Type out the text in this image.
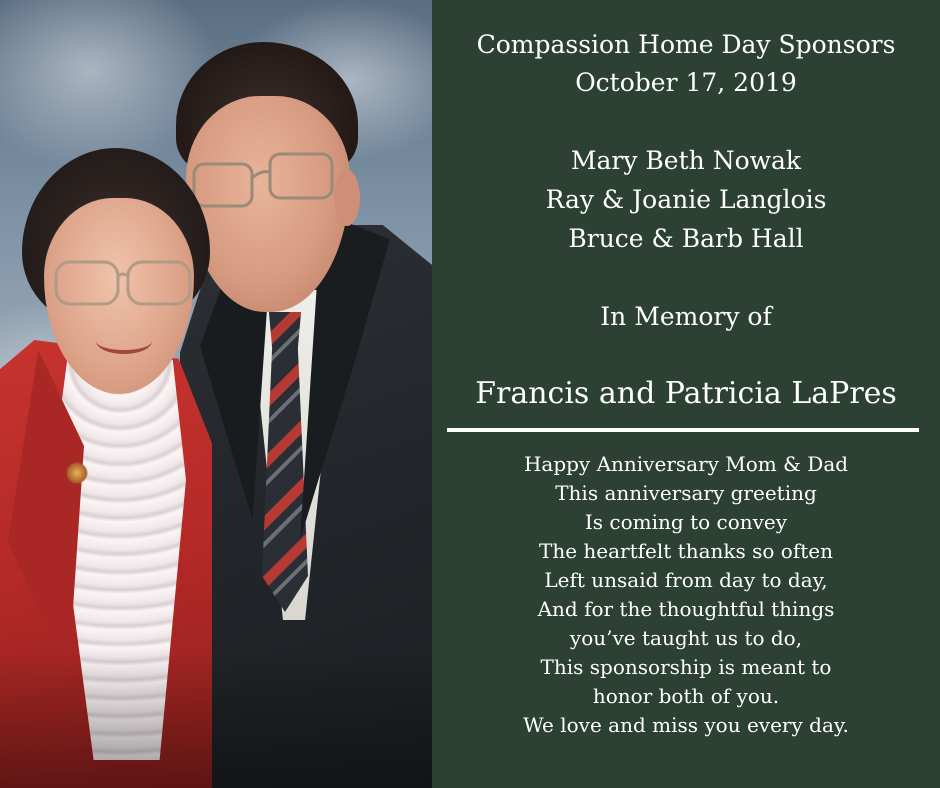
Compassion Home Day Sponsors
October 17, 2019
Mary Beth Nowak
Ray & Joanie Langlois
Bruce & Barb Hall
In Memory of
Francis and Patricia LaPres
Happy Anniversary Mom & Dad
This anniversary greeting
Is coming to convey
The heartfelt thanks so often
Left unsaid from day to day,
And for the thoughtful things
you’ve taught us to do,
This sponsorship is meant to
honor both of you.
We love and miss you every day.
